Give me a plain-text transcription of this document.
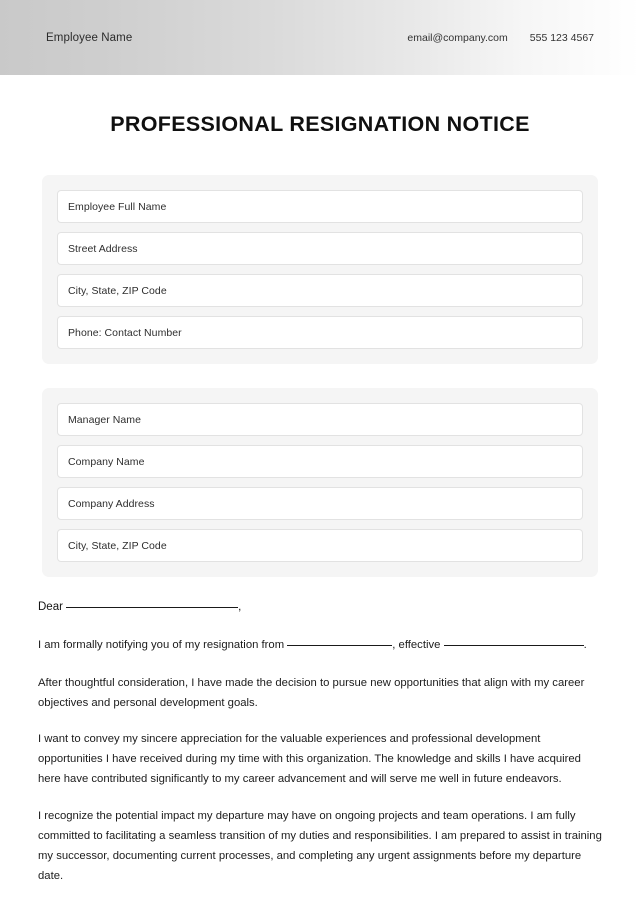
Employee Name	email@company.com 555 123 4567
PROFESSIONAL RESIGNATION NOTICE
Employee Full Name
Street Address
City, State, ZIP Code
Phone: Contact Number
Manager Name
Company Name
Company Address
City, State, ZIP Code
Dear	,
I am formally notifying you of my resignation from	, effective	.

After thoughtful consideration, I have made the decision to pursue new opportunities that align with my career objectives and personal development goals.

I want to convey my sincere appreciation for the valuable experiences and professional development opportunities I have received during my time with this organization. The knowledge and skills I have acquired here have contributed significantly to my career advancement and will serve me well in future endeavors.

I recognize the potential impact my departure may have on ongoing projects and team operations. I am fully committed to facilitating a seamless transition of my duties and responsibilities. I am prepared to assist in training my successor, documenting current processes, and completing any urgent assignments before my departure date.
